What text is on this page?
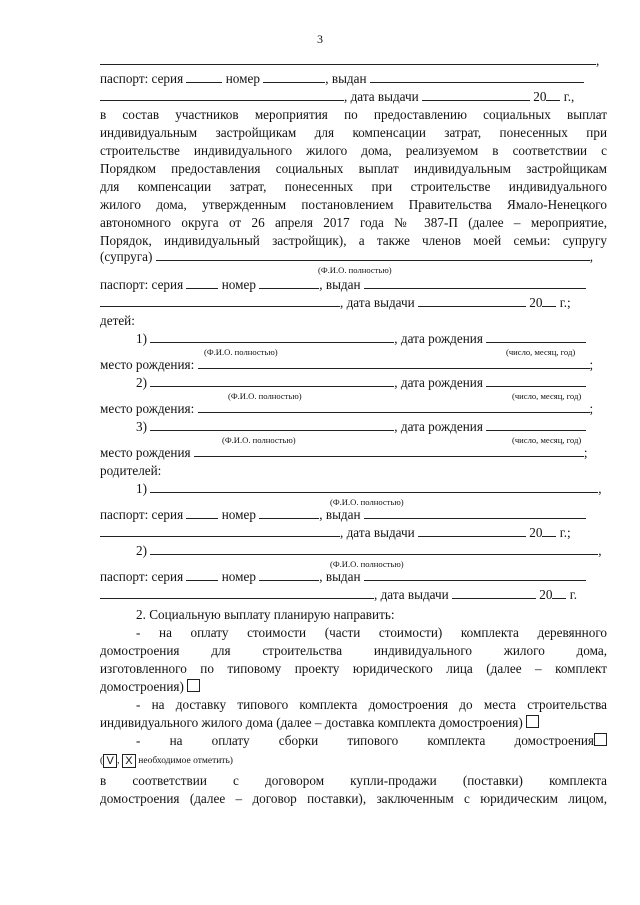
3
,
паспорт: серия	номер	, выдан
, дата выдачи	20 г.,
в состав участников мероприятия по предоставлению социальных выплат
индивидуальным застройщикам для компенсации затрат, понесенных при
строительстве индивидуального жилого дома, реализуемом в соответствии с
Порядком предоставления социальных выплат индивидуальным застройщикам
для компенсации затрат, понесенных при строительстве индивидуального
жилого дома, утвержденным постановлением Правительства Ямало-Ненецкого
автономного округа от 26 апреля 2017 года № 387-П (далее – мероприятие,
Порядок, индивидуальный застройщик), а также членов моей семьи: супругу
(супруга)	,
(Ф.И.О. полностью)
паспорт: серия	номер	, выдан
, дата выдачи	20 г.;
детей:
1)	, дата рождения
(Ф.И.О. полностью)	(число, месяц, год)
место рождения:	;
2)	, дата рождения
(Ф.И.О. полностью)	(число, месяц, год)
место рождения:	;
3)	, дата рождения
(Ф.И.О. полностью)	(число, месяц, год)
место рождения	;
родителей:
1)	,
(Ф.И.О. полностью)
паспорт: серия	номер	, выдан
, дата выдачи	20 г.;
2)	,
(Ф.И.О. полностью)
паспорт: серия	номер	, выдан
, дата выдачи	20 г.
2. Социальную выплату планирую направить:
- на оплату стоимости (части стоимости) комплекта деревянного
домостроения для строительства индивидуального жилого дома,
изготовленного по типовому проекту юридического лица (далее – комплект
домостроения)
- на доставку типового комплекта домостроения до места строительства
индивидуального жилого дома (далее – доставка комплекта домостроения)
- на оплату сборки типового комплекта домостроения
( V , X необходимое отметить)
в соответствии с договором купли-продажи (поставки) комплекта
домостроения (далее – договор поставки), заключенным с юридическим лицом,
